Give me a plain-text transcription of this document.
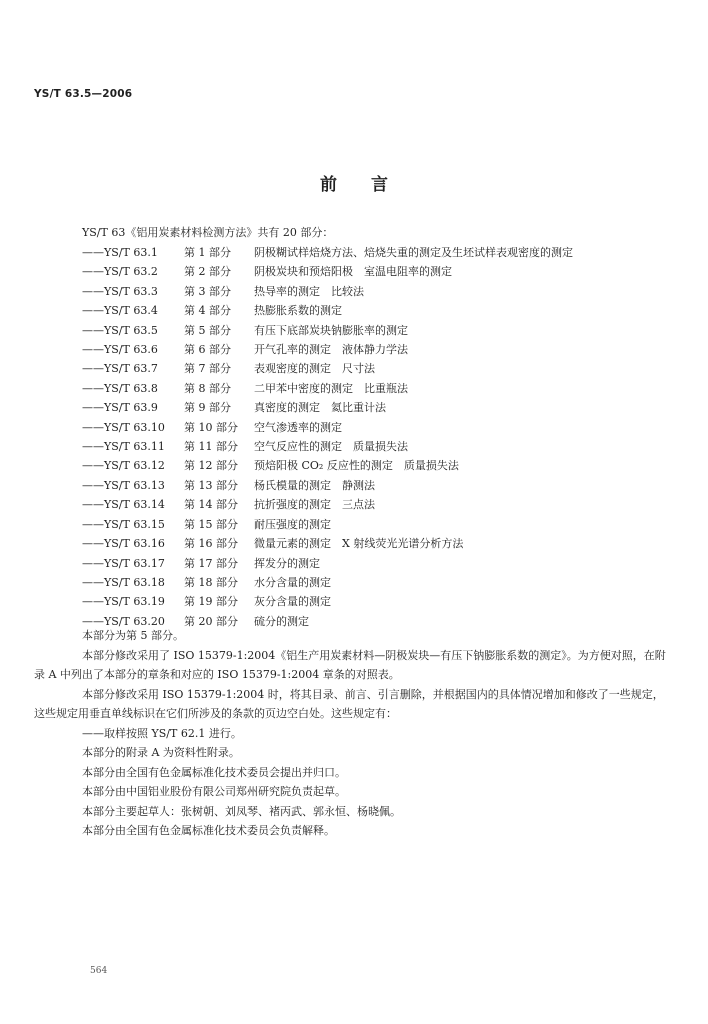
YS/T 63.5—2006
前言
YS/T 63《铝用炭素材料检测方法》共有 20 部分：
——YS/T 63.1	第 1 部分	阴极糊试样焙烧方法、焙烧失重的测定及生坯试样表观密度的测定
——YS/T 63.2	第 2 部分	阴极炭块和预焙阳极　室温电阻率的测定
——YS/T 63.3	第 3 部分	热导率的测定　比较法
——YS/T 63.4	第 4 部分	热膨胀系数的测定
——YS/T 63.5	第 5 部分	有压下底部炭块钠膨胀率的测定
——YS/T 63.6	第 6 部分	开气孔率的测定　液体静力学法
——YS/T 63.7	第 7 部分	表观密度的测定　尺寸法
——YS/T 63.8	第 8 部分	二甲苯中密度的测定　比重瓶法
——YS/T 63.9	第 9 部分	真密度的测定　氦比重计法
——YS/T 63.10	第 10 部分	空气渗透率的测定
——YS/T 63.11	第 11 部分	空气反应性的测定　质量损失法
——YS/T 63.12	第 12 部分	预焙阳极 CO₂ 反应性的测定　质量损失法
——YS/T 63.13	第 13 部分	杨氏模量的测定　静测法
——YS/T 63.14	第 14 部分	抗折强度的测定　三点法
——YS/T 63.15	第 15 部分	耐压强度的测定
——YS/T 63.16	第 16 部分	微量元素的测定　X 射线荧光光谱分析方法
——YS/T 63.17	第 17 部分	挥发分的测定
——YS/T 63.18	第 18 部分	水分含量的测定
——YS/T 63.19	第 19 部分	灰分含量的测定
——YS/T 63.20	第 20 部分	硫分的测定

本部分为第 5 部分。

本部分修改采用了 ISO 15379-1:2004《铝生产用炭素材料—阴极炭块—有压下钠膨胀系数的测定》。为方便对照，在附录 A 中列出了本部分的章条和对应的 ISO 15379-1:2004 章条的对照表。

本部分修改采用 ISO 15379-1:2004 时，将其目录、前言、引言删除，并根据国内的具体情况增加和修改了一些规定，这些规定用垂直单线标识在它们所涉及的条款的页边空白处。这些规定有：

——取样按照 YS/T 62.1 进行。

本部分的附录 A 为资料性附录。

本部分由全国有色金属标准化技术委员会提出并归口。

本部分由中国铝业股份有限公司郑州研究院负责起草。

本部分主要起草人：张树朝、刘凤琴、褚丙武、郭永恒、杨晓佩。

本部分由全国有色金属标准化技术委员会负责解释。

564
